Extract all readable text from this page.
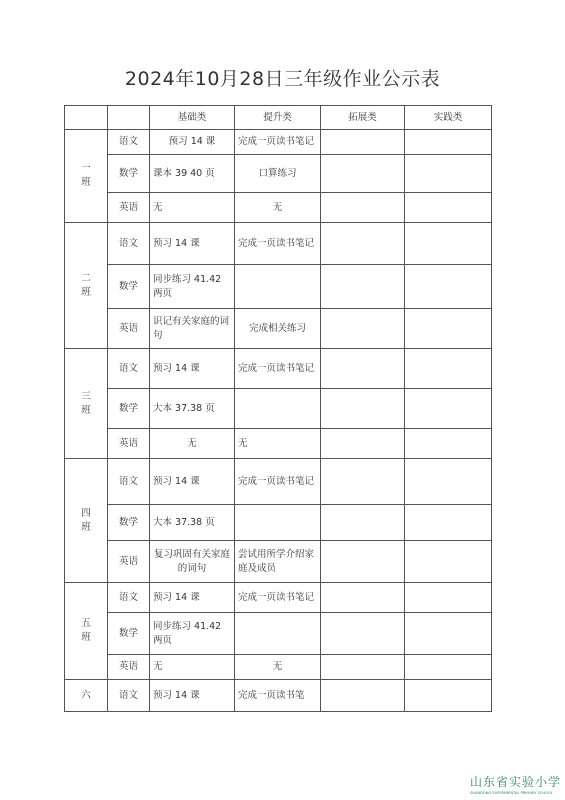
2024年10月28日三年级作业公示表
		基础类	提升类	拓展类	实践类

一
班	语文	预习 14 课	完成一页读书笔记		
	数学	课本 39 40 页	口算练习		
	英语	无	无		

二
班	语文	预习 14 课	完成一页读书笔记		
	数学	同步练习 41.42 两页			
	英语	识记有关家庭的词句	完成相关练习		

三
班	语文	预习 14 课	完成一页读书笔记		
	数学	大本 37.38 页			
	英语	无	无		

四
班	语文	预习 14 课	完成一页读书笔记		
	数学	大本 37.38 页			
	英语	复习巩固有关家庭的词句	尝试用所学介绍家庭及成员		

五
班	语文	预习 14 课	完成一页读书笔记		
	数学	同步练习 41.42 两页			
	英语	无	无		

六	语文	预习 14 课	完成一页读书笔		
山东省实验小学
SHANDONG EXPERIMENTAL PRIMARY SCHOOL
